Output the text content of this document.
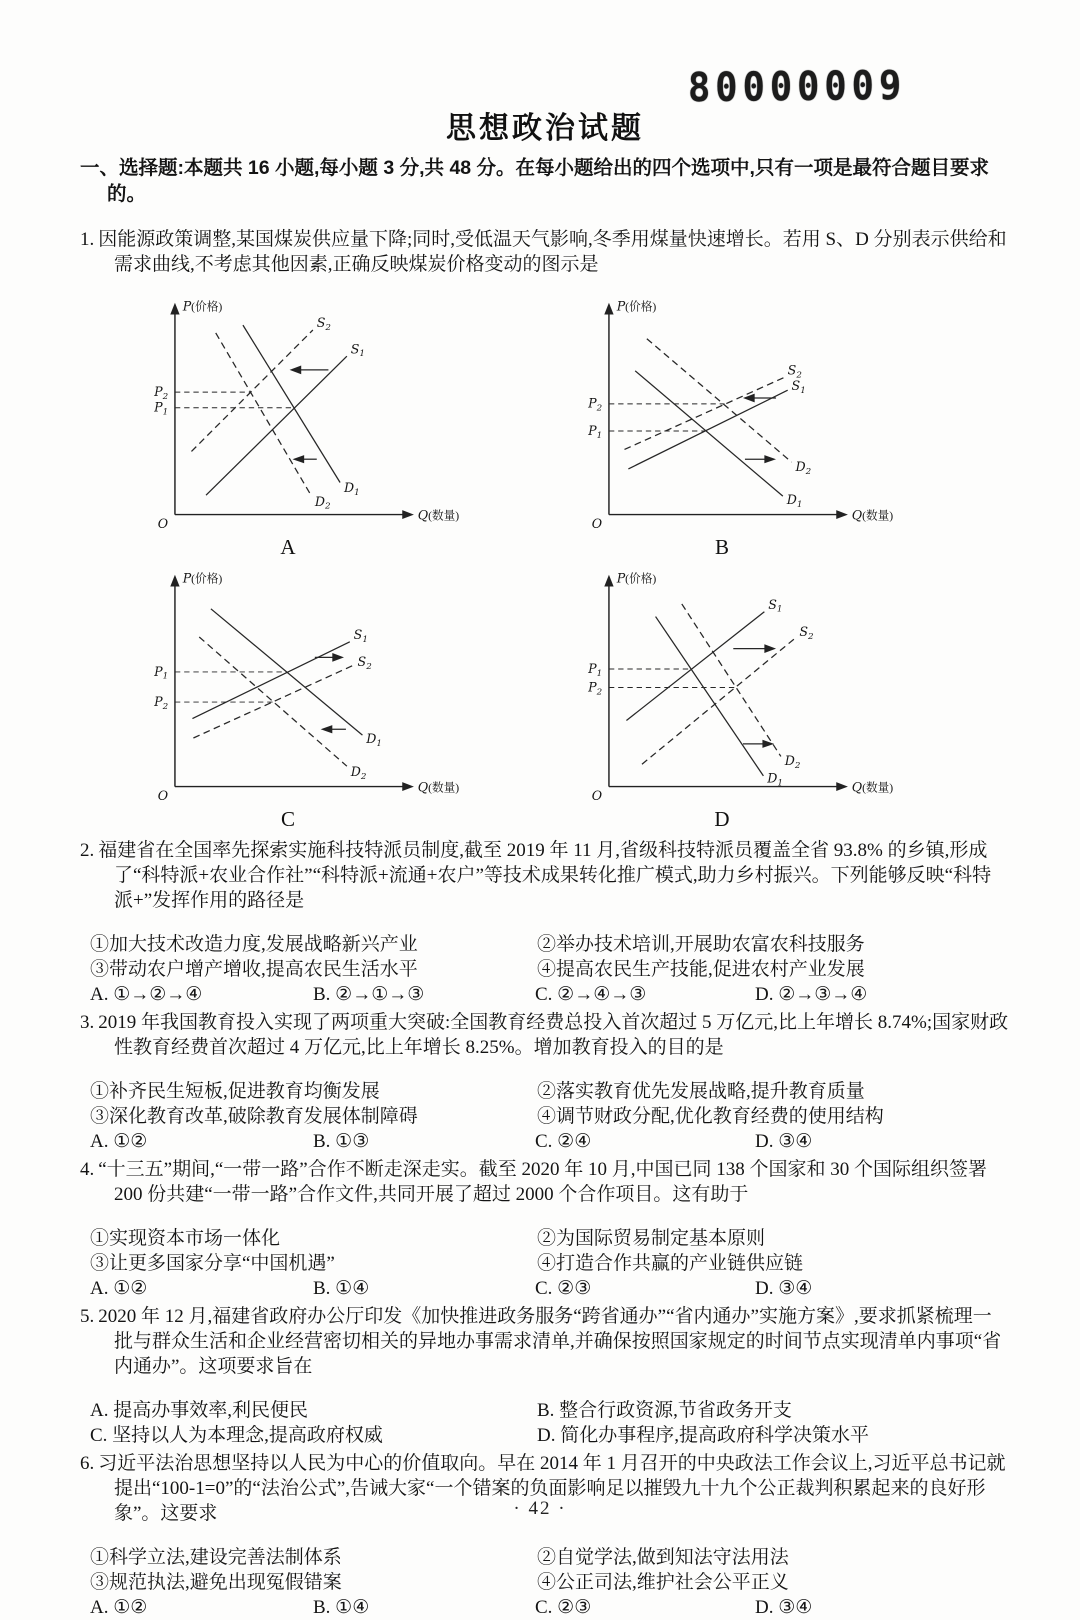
80000009
思想政治试题

一、选择题:本题共 16 小题,每小题 3 分,共 48 分。在每小题给出的四个选项中,只有一项是最符合题目要求的。

1. 因能源政策调整,某国煤炭供应量下降;同时,受低温天气影响,冬季用煤量快速增长。若用 S、D 分别表示供给和需求曲线,不考虑其他因素,正确反映煤炭价格变动的图示是

P(价格)
Q(数量)
O
$S_1$
$S_2$
$D_1$
$D_2$
$P_2$
$P_1$
A
P(价格)
Q(数量)
O
$S_1$
$S_2$
$D_1$
$D_2$
$P_2$
$P_1$
B
P(价格)
Q(数量)
O
$S_1$
$S_2$
$D_1$
$D_2$
$P_1$
$P_2$
C
P(价格)
Q(数量)
O
$S_1$
$S_2$
$D_1$
$D_2$
$P_1$
$P_2$
D

2. 福建省在全国率先探索实施科技特派员制度,截至 2019 年 11 月,省级科技特派员覆盖全省 93.8% 的乡镇,形成了“科特派+农业合作社”“科特派+流通+农户”等技术成果转化推广模式,助力乡村振兴。下列能够反映“科特派+”发挥作用的路径是

①加大技术改造力度,发展战略新兴产业	②举办技术培训,开展助农富农科技服务
③带动农户增产增收,提高农民生活水平	④提高农民生产技能,促进农村产业发展
A. ①→②→④	B. ②→①→③	C. ②→④→③	D. ②→③→④

3. 2019 年我国教育投入实现了两项重大突破:全国教育经费总投入首次超过 5 万亿元,比上年增长 8.74%;国家财政性教育经费首次超过 4 万亿元,比上年增长 8.25%。增加教育投入的目的是

①补齐民生短板,促进教育均衡发展	②落实教育优先发展战略,提升教育质量
③深化教育改革,破除教育发展体制障碍	④调节财政分配,优化教育经费的使用结构
A. ①②	B. ①③	C. ②④	D. ③④

4. “十三五”期间,“一带一路”合作不断走深走实。截至 2020 年 10 月,中国已同 138 个国家和 30 个国际组织签署 200 份共建“一带一路”合作文件,共同开展了超过 2000 个合作项目。这有助于

①实现资本市场一体化	②为国际贸易制定基本原则
③让更多国家分享“中国机遇”	④打造合作共赢的产业链供应链
A. ①②	B. ①④	C. ②③	D. ③④

5. 2020 年 12 月,福建省政府办公厅印发《加快推进政务服务“跨省通办”“省内通办”实施方案》,要求抓紧梳理一批与群众生活和企业经营密切相关的异地办事需求清单,并确保按照国家规定的时间节点实现清单内事项“省内通办”。这项要求旨在

A. 提高办事效率,利民便民	B. 整合行政资源,节省政务开支
C. 坚持以人为本理念,提高政府权威	D. 简化办事程序,提高政府科学决策水平

6. 习近平法治思想坚持以人民为中心的价值取向。早在 2014 年 1 月召开的中央政法工作会议上,习近平总书记就提出“100-1=0”的“法治公式”,告诫大家“一个错案的负面影响足以摧毁九十九个公正裁判积累起来的良好形象”。这要求

①科学立法,建设完善法制体系	②自觉学法,做到知法守法用法
③规范执法,避免出现冤假错案	④公正司法,维护社会公平正义
A. ①②	B. ①④	C. ②③	D. ③④
· 42 ·
